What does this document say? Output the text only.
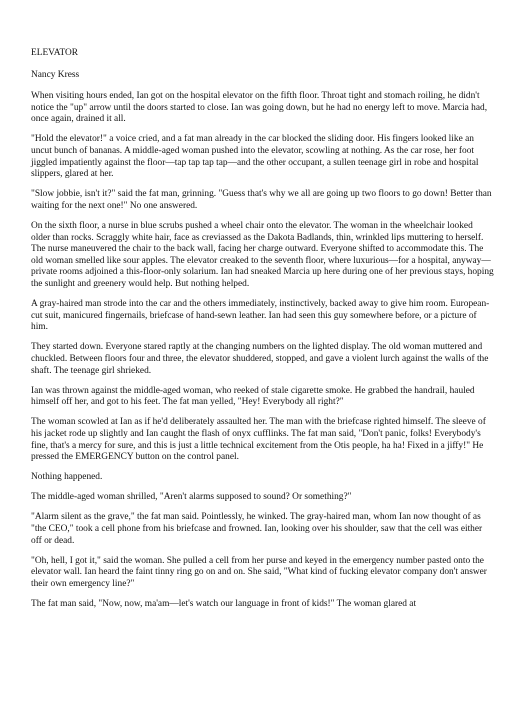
ELEVATOR

Nancy Kress

When visiting hours ended, Ian got on the hospital elevator on the fifth floor. Throat tight and stomach roiling, he didn't notice the "up" arrow until the doors started to close. Ian was going down, but he had no energy left to move. Marcia had, once again, drained it all.

"Hold the elevator!" a voice cried, and a fat man already in the car blocked the sliding door. His fingers looked like an uncut bunch of bananas. A middle-aged woman pushed into the elevator, scowling at nothing. As the car rose, her foot jiggled impatiently against the floor—tap tap tap tap—and the other occupant, a sullen teenage girl in robe and hospital slippers, glared at her.

"Slow jobbie, isn't it?" said the fat man, grinning. "Guess that's why we all are going up two floors to go down! Better than waiting for the next one!" No one answered.

On the sixth floor, a nurse in blue scrubs pushed a wheel chair onto the elevator. The woman in the wheelchair looked older than rocks. Scraggly white hair, face as creviassed as the Dakota Badlands, thin, wrinkled lips muttering to herself. The nurse maneuvered the chair to the back wall, facing her charge outward. Everyone shifted to accommodate this. The old woman smelled like sour apples. The elevator creaked to the seventh floor, where luxurious—for a hospital, anyway—private rooms adjoined a this-floor-only solarium. Ian had sneaked Marcia up here during one of her previous stays, hoping the sunlight and greenery would help. But nothing helped.

A gray-haired man strode into the car and the others immediately, instinctively, backed away to give him room. European-cut suit, manicured fingernails, briefcase of hand-sewn leather. Ian had seen this guy somewhere before, or a picture of him.

They started down. Everyone stared raptly at the changing numbers on the lighted display. The old woman muttered and chuckled. Between floors four and three, the elevator shuddered, stopped, and gave a violent lurch against the walls of the shaft. The teenage girl shrieked.

Ian was thrown against the middle-aged woman, who reeked of stale cigarette smoke. He grabbed the handrail, hauled himself off her, and got to his feet. The fat man yelled, "Hey! Everybody all right?"

The woman scowled at Ian as if he'd deliberately assaulted her. The man with the briefcase righted himself. The sleeve of his jacket rode up slightly and Ian caught the flash of onyx cufflinks. The fat man said, "Don't panic, folks! Everybody's fine, that's a mercy for sure, and this is just a little technical excitement from the Otis people, ha ha! Fixed in a jiffy!" He pressed the EMERGENCY button on the control panel.

Nothing happened.

The middle-aged woman shrilled, "Aren't alarms supposed to sound? Or something?"

"Alarm silent as the grave," the fat man said. Pointlessly, he winked. The gray-haired man, whom Ian now thought of as "the CEO," took a cell phone from his briefcase and frowned. Ian, looking over his shoulder, saw that the cell was either off or dead.

"Oh, hell, I got it," said the woman. She pulled a cell from her purse and keyed in the emergency number pasted onto the elevator wall. Ian heard the faint tinny ring go on and on. She said, "What kind of fucking elevator company don't answer their own emergency line?"

The fat man said, "Now, now, ma'am—let's watch our language in front of kids!" The woman glared at
